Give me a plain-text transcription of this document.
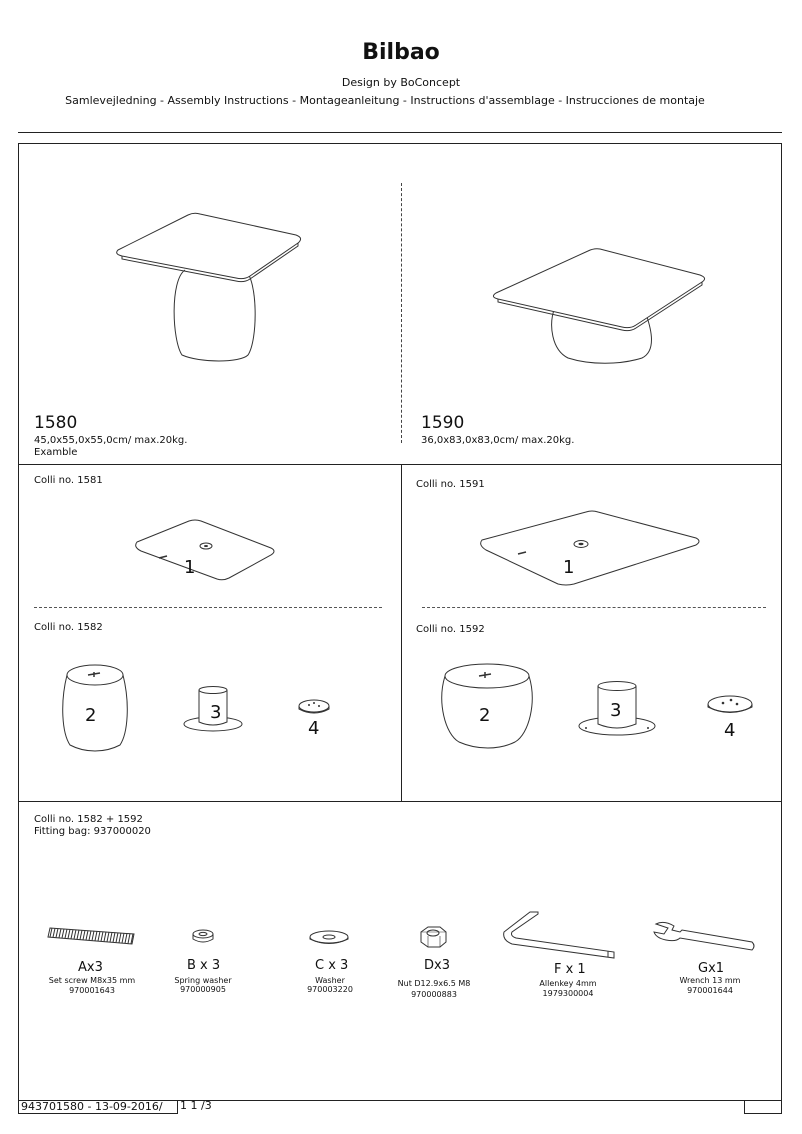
Bilbao
Design by BoConcept
Samlevejledning - Assembly Instructions - Montageanleitung - Instructions d'assemblage - Instrucciones de montaje
1580
45,0x55,0x55,0cm/ max.20kg.
Examble
1590
36,0x83,0x83,0cm/ max.20kg.
Colli no. 1581
1
Colli no. 1591
1
Colli no. 1582
2	3
4
Colli no. 1592
2	3
4
Colli no. 1582 + 1592
Fitting bag: 937000020
Ax3
Set screw M8x35 mm
970001643
B x 3
Spring washer
970000905
C x 3
Washer
970003220
Dx3
Nut D12.9x6.5 M8
970000883
F x 1
Allenkey 4mm
1979300004
Gx1
Wrench 13 mm
970001644
943701580 - 13-09-2016/	1 1 /3
